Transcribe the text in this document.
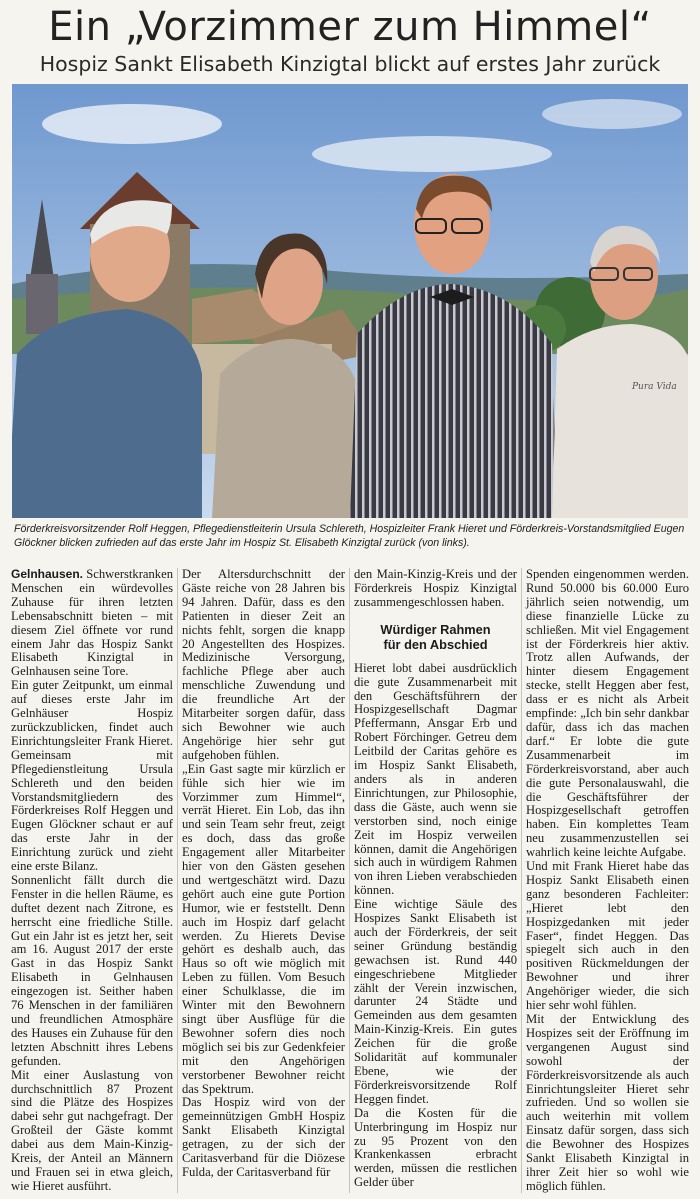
Ein „Vorzimmer zum Himmel“
Hospiz Sankt Elisabeth Kinzigtal blickt auf erstes Jahr zurück
Pura Vida
Förderkreisvorsitzender Rolf Heggen, Pflegedienstleiterin Ursula Schlereth, Hospizleiter Frank Hieret und Förderkreis-Vorstandsmitglied Eugen Glöckner blicken zufrieden auf das erste Jahr im Hospiz St. Elisabeth Kinzigtal zurück (von links).

Gelnhausen. Schwerstkranken Menschen ein würdevolles Zuhause für ihren letzten Lebensabschnitt bieten – mit diesem Ziel öffnete vor rund einem Jahr das Hospiz Sankt Elisabeth Kinzigtal in Gelnhausen seine Tore.

Ein guter Zeitpunkt, um einmal auf dieses erste Jahr im Gelnhäuser Hospiz zurückzublicken, findet auch Einrichtungsleiter Frank Hieret. Gemeinsam mit Pflegedienstleitung Ursula Schlereth und den beiden Vorstandsmitgliedern des Förderkreises Rolf Heggen und Eugen Glöckner schaut er auf das erste Jahr in der Einrichtung zurück und zieht eine erste Bilanz.

Sonnenlicht fällt durch die Fenster in die hellen Räume, es duftet dezent nach Zitrone, es herrscht eine friedliche Stille. Gut ein Jahr ist es jetzt her, seit am 16. August 2017 der erste Gast in das Hospiz Sankt Elisabeth in Gelnhausen eingezogen ist. Seither haben 76 Menschen in der familiären und freundlichen Atmosphäre des Hauses ein Zuhause für den letzten Abschnitt ihres Lebens gefunden.

Mit einer Auslastung von durchschnittlich 87 Prozent sind die Plätze des Hospizes dabei sehr gut nachgefragt. Der Großteil der Gäste kommt dabei aus dem Main-Kinzig-Kreis, der Anteil an Männern und Frauen sei in etwa gleich, wie Hieret ausführt.

Der Altersdurchschnitt der Gäste reiche von 28 Jahren bis 94 Jahren. Dafür, dass es den Patienten in dieser Zeit an nichts fehlt, sorgen die knapp 20 Angestellten des Hospizes. Medizinische Versorgung, fachliche Pflege aber auch menschliche Zuwendung und die freundliche Art der Mitarbeiter sorgen dafür, dass sich Bewohner wie auch Angehörige hier sehr gut aufgehoben fühlen.

„Ein Gast sagte mir kürzlich er fühle sich hier wie im Vorzimmer zum Himmel“, verrät Hieret. Ein Lob, das ihn und sein Team sehr freut, zeigt es doch, dass das große Engagement aller Mitarbeiter hier von den Gästen gesehen und wertgeschätzt wird. Dazu gehört auch eine gute Portion Humor, wie er feststellt. Denn auch im Hospiz darf gelacht werden. Zu Hierets Devise gehört es deshalb auch, das Haus so oft wie möglich mit Leben zu füllen. Vom Besuch einer Schulklasse, die im Winter mit den Bewohnern singt über Ausflüge für die Bewohner sofern dies noch möglich sei bis zur Gedenkfeier mit den Angehörigen verstorbener Bewohner reicht das Spektrum.

Das Hospiz wird von der gemeinnützigen GmbH Hospiz Sankt Elisabeth Kinzigtal getragen, zu der sich der Caritasverband für die Diözese Fulda, der Caritasverband für

den Main-Kinzig-Kreis und der Förderkreis Hospiz Kinzigtal zusammengeschlossen haben.

Würdiger Rahmen
für den Abschied

Hieret lobt dabei ausdrücklich die gute Zusammenarbeit mit den Geschäftsführern der Hospizgesellschaft Dagmar Pfeffermann, Ansgar Erb und Robert Förchinger. Getreu dem Leitbild der Caritas gehöre es im Hospiz Sankt Elisabeth, anders als in anderen Einrichtungen, zur Philosophie, dass die Gäste, auch wenn sie verstorben sind, noch einige Zeit im Hospiz verweilen können, damit die Angehörigen sich auch in würdigem Rahmen von ihren Lieben verabschieden können.

Eine wichtige Säule des Hospizes Sankt Elisabeth ist auch der Förderkreis, der seit seiner Gründung beständig gewachsen ist. Rund 440 eingeschriebene Mitglieder zählt der Verein inzwischen, darunter 24 Städte und Gemeinden aus dem gesamten Main-Kinzig-Kreis. Ein gutes Zeichen für die große Solidarität auf kommunaler Ebene, wie der Förderkreisvorsitzende Rolf Heggen findet.

Da die Kosten für die Unterbringung im Hospiz nur zu 95 Prozent von den Krankenkassen erbracht werden, müssen die restlichen Gelder über

Spenden eingenommen werden. Rund 50.000 bis 60.000 Euro jährlich seien notwendig, um diese finanzielle Lücke zu schließen. Mit viel Engagement ist der Förderkreis hier aktiv. Trotz allen Aufwands, der hinter diesem Engagement stecke, stellt Heggen aber fest, dass er es nicht als Arbeit empfinde: „Ich bin sehr dankbar dafür, dass ich das machen darf.“ Er lobte die gute Zusammenarbeit im Förderkreisvorstand, aber auch die gute Personalauswahl, die die Geschäftsführer der Hospizgesellschaft getroffen haben. Ein komplettes Team neu zusammenzustellen sei wahrlich keine leichte Aufgabe.

Und mit Frank Hieret habe das Hospiz Sankt Elisabeth einen ganz besonderen Fachleiter: „Hieret lebt den Hospizgedanken mit jeder Faser“, findet Heggen. Das spiegelt sich auch in den positiven Rückmeldungen der Bewohner und ihrer Angehöriger wieder, die sich hier sehr wohl fühlen.

Mit der Entwicklung des Hospizes seit der Eröffnung im vergangenen August sind sowohl der Förderkreisvorsitzende als auch Einrichtungsleiter Hieret sehr zufrieden. Und so wollen sie auch weiterhin mit vollem Einsatz dafür sorgen, dass sich die Bewohner des Hospizes Sankt Elisabeth Kinzigtal in ihrer Zeit hier so wohl wie möglich fühlen.
